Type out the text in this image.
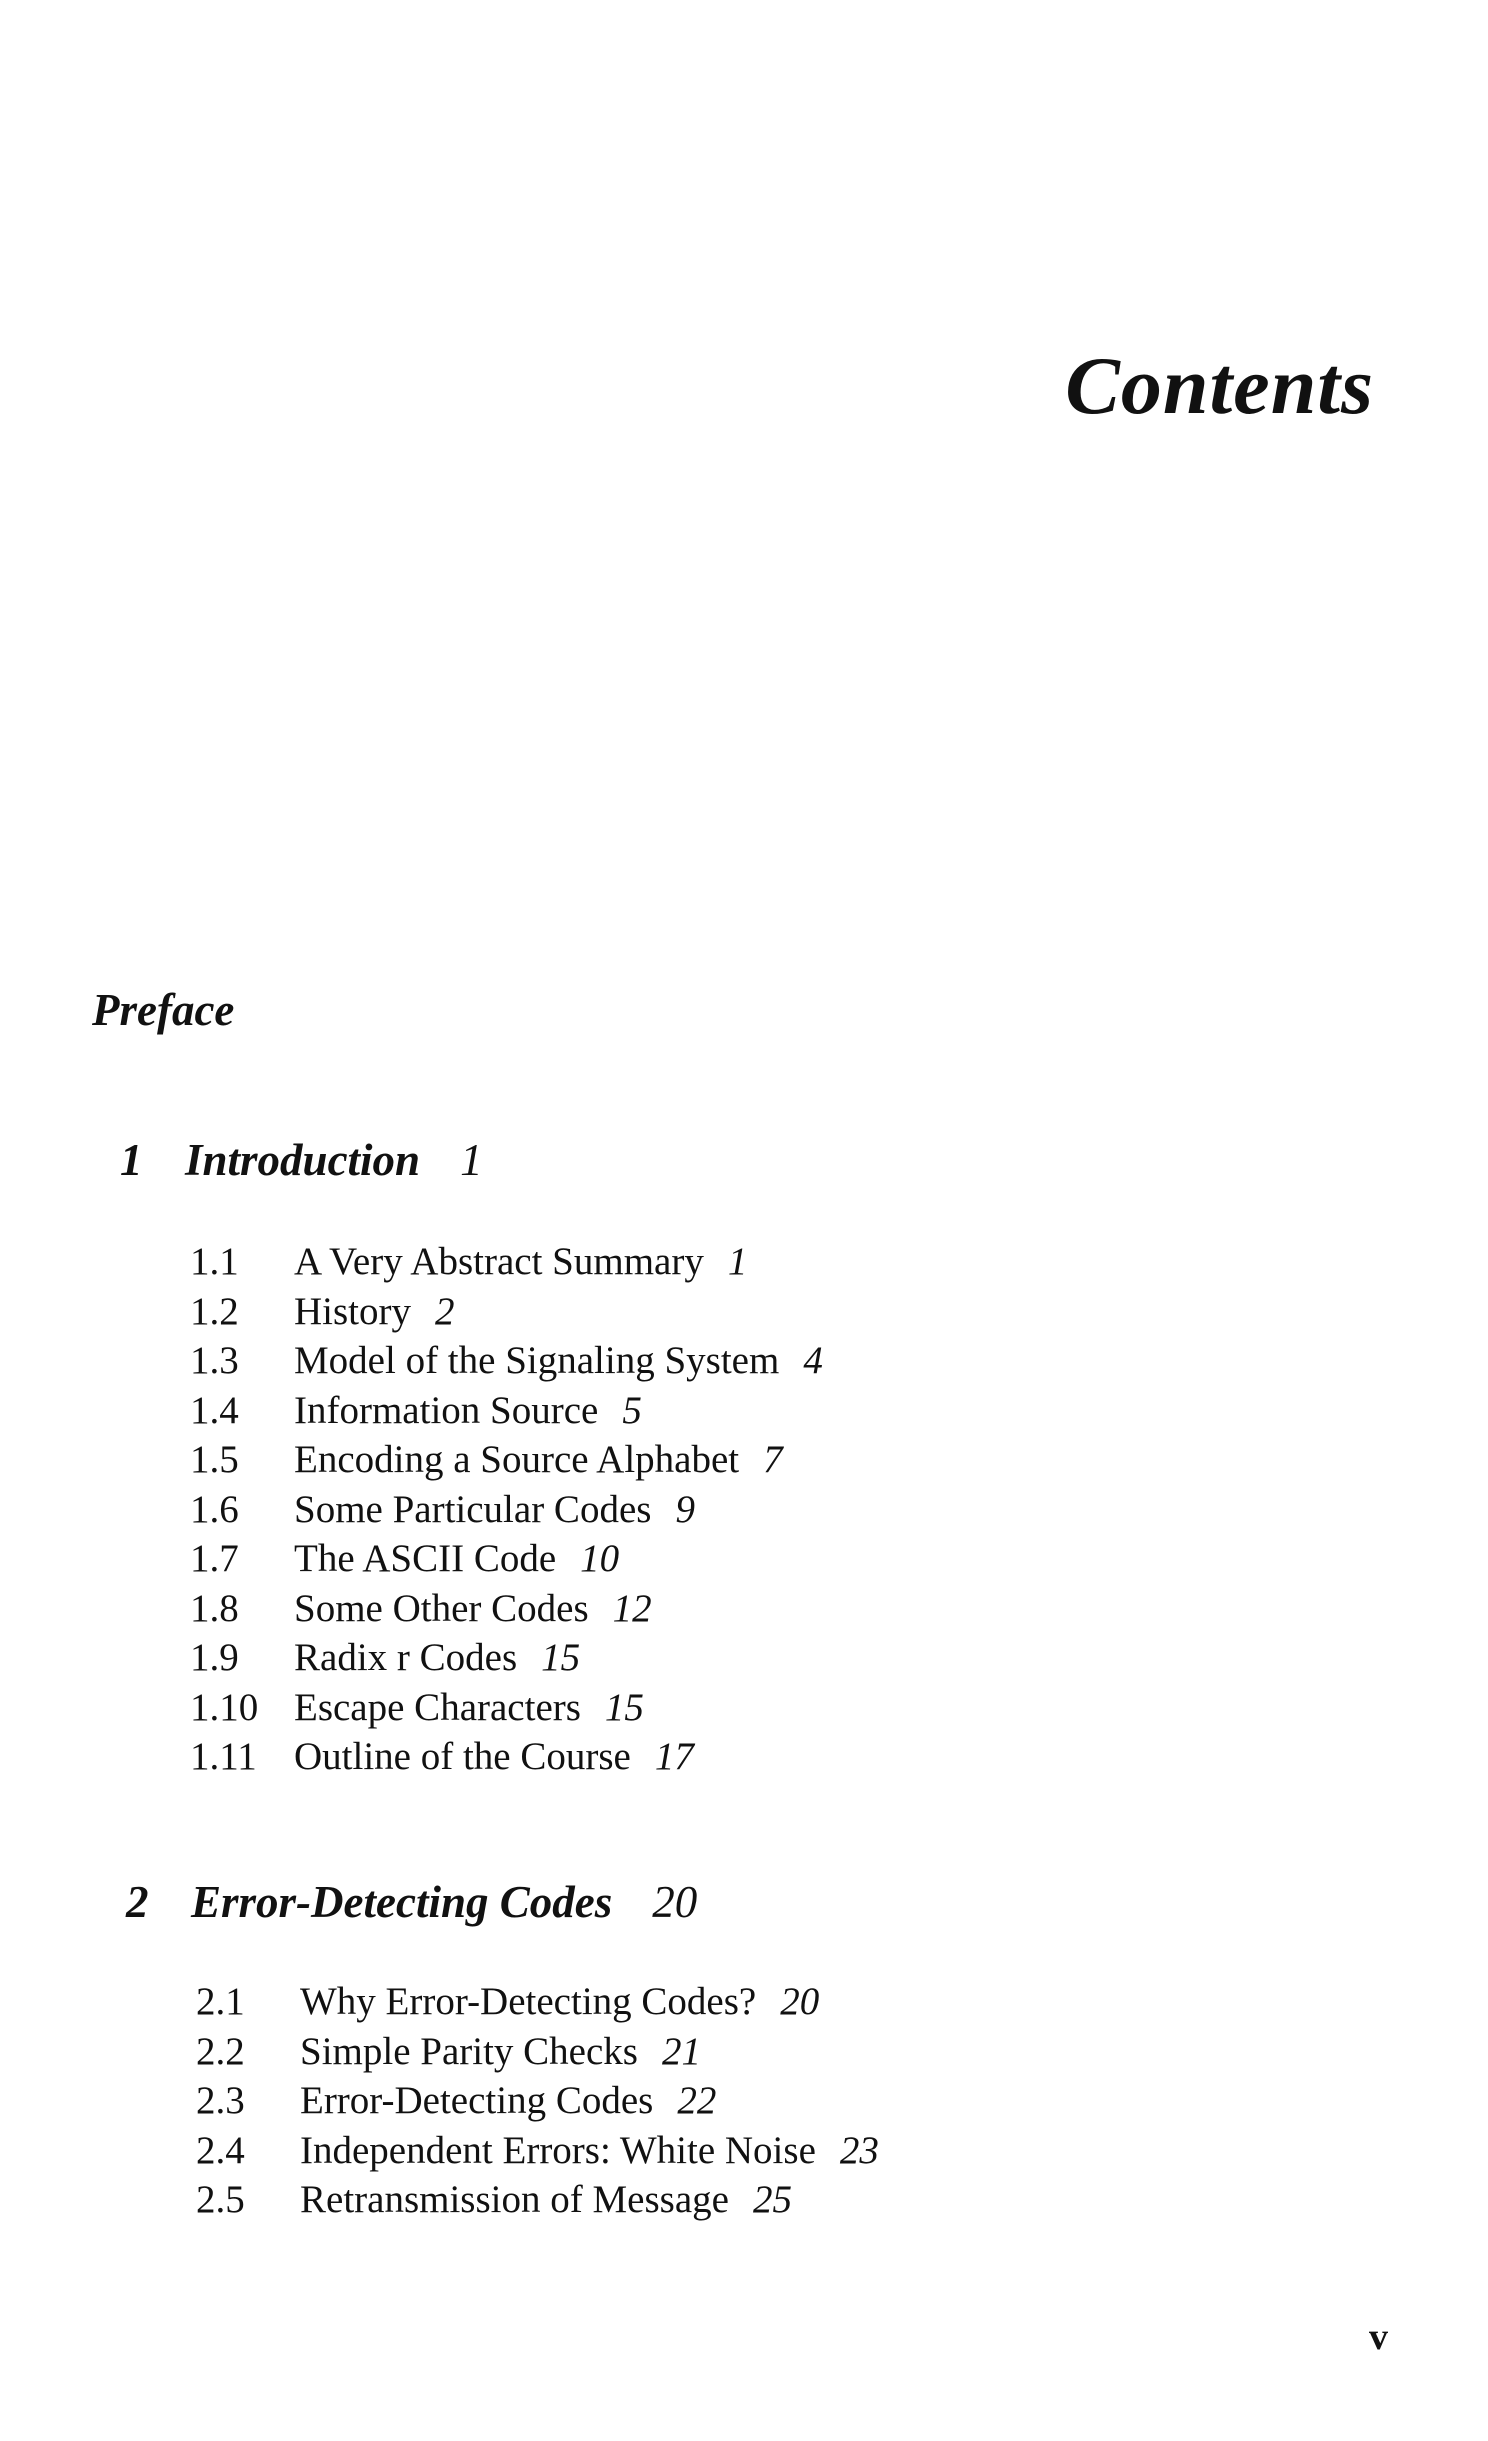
Contents
Preface
1 Introduction 1
1.1 A Very Abstract Summary 1
1.2 History 2
1.3 Model of the Signaling System 4
1.4 Information Source 5
1.5 Encoding a Source Alphabet 7
1.6 Some Particular Codes 9
1.7 The ASCII Code 10
1.8 Some Other Codes 12
1.9 Radix r Codes 15
1.10 Escape Characters 15
1.11 Outline of the Course 17
2 Error-Detecting Codes 20
2.1 Why Error-Detecting Codes? 20
2.2 Simple Parity Checks 21
2.3 Error-Detecting Codes 22
2.4 Independent Errors: White Noise 23
2.5 Retransmission of Message 25
v
